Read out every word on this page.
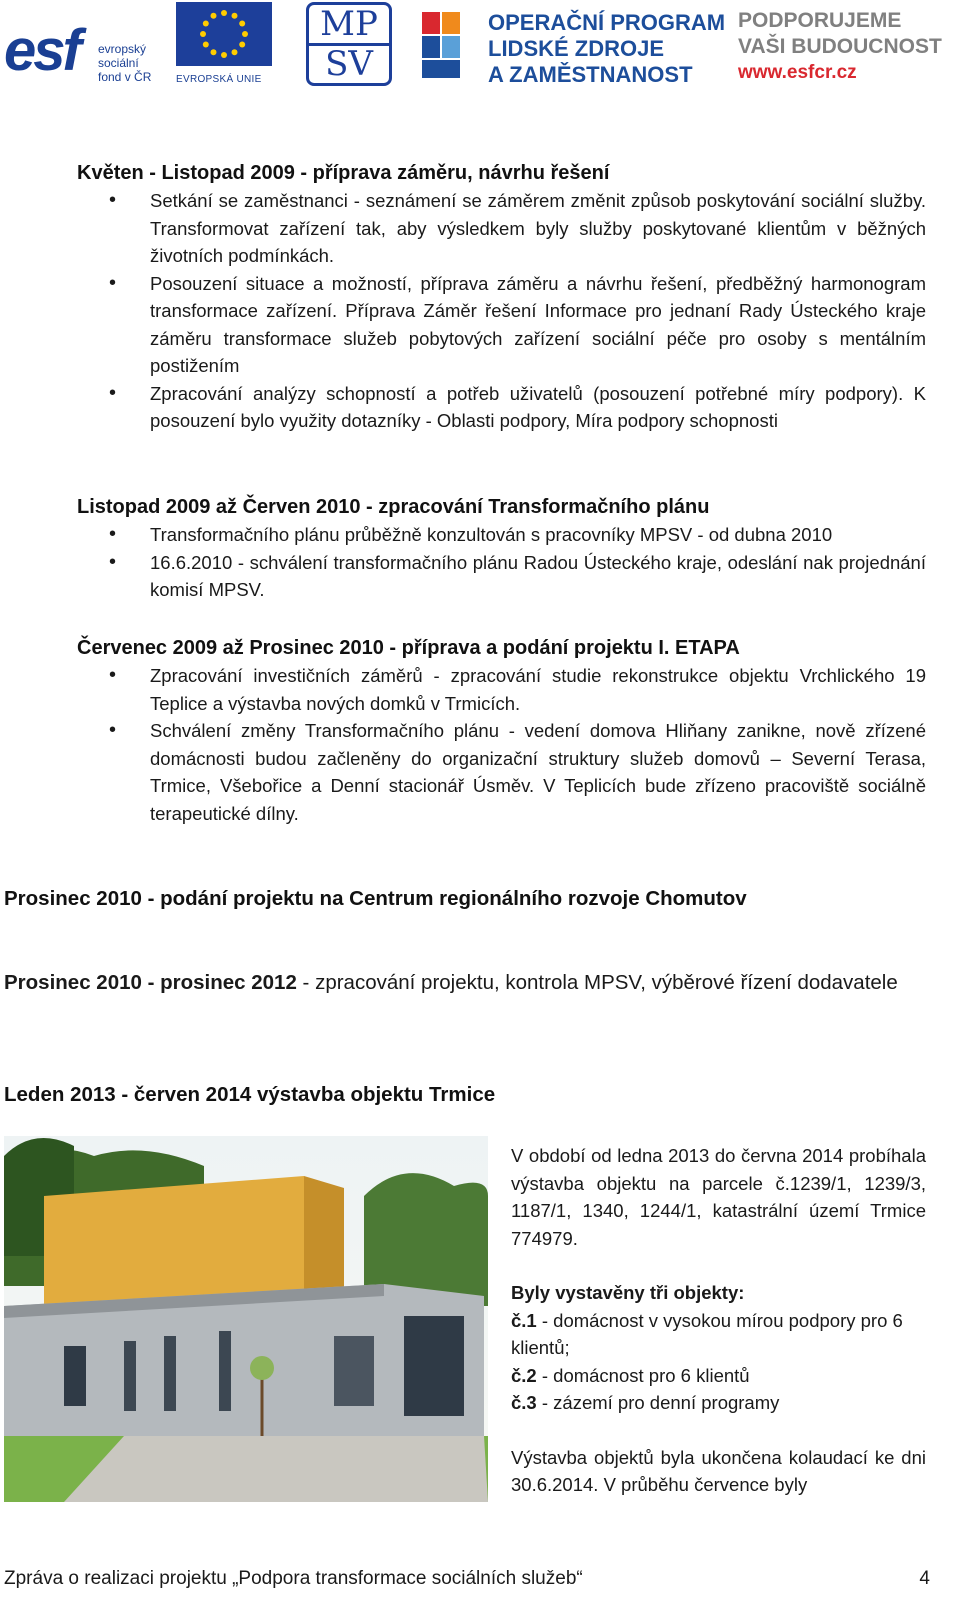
esf evropský
sociální
fond v ČR EVROPSKÁ UNIE
MP
SV
OPERAČNÍ PROGRAM
LIDSKÉ ZDROJE
A ZAMĚSTNANOST
PODPORUJEME
VAŠI BUDOUCNOST
www.esfcr.cz
Květen - Listopad 2009 - příprava záměru, návrhu řešení
• Setkání se zaměstnanci - seznámení se záměrem změnit způsob poskytování sociální služby. Transformovat zařízení tak, aby výsledkem byly služby poskytované klientům v běžných životních podmínkách.
• Posouzení situace a možností, příprava záměru a návrhu řešení, předběžný harmonogram transformace zařízení. Příprava Záměr řešení Informace pro jednaní Rady Ústeckého kraje záměru transformace služeb pobytových zařízení sociální péče pro osoby s mentálním postižením
• Zpracování analýzy schopností a potřeb uživatelů (posouzení potřebné míry podpory). K posouzení bylo využity dotazníky - Oblasti podpory, Míra podpory schopnosti
Listopad 2009 až Červen 2010 - zpracování Transformačního plánu
• Transformačního plánu průběžně konzultován s pracovníky MPSV - od dubna 2010
• 16.6.2010 - schválení transformačního plánu Radou Ústeckého kraje, odeslání nak projednání komisí MPSV.
Červenec 2009 až Prosinec 2010 - příprava a podání projektu I. ETAPA
• Zpracování investičních záměrů - zpracování studie rekonstrukce objektu Vrchlického 19 Teplice a výstavba nových domků v Trmicích.
• Schválení změny Transformačního plánu - vedení domova Hliňany zanikne, nově zřízené domácnosti budou začleněny do organizační struktury služeb domovů – Severní Terasa, Trmice, Všebořice a Denní stacionář Úsměv. V Teplicích bude zřízeno pracoviště sociálně terapeutické dílny.
Prosinec 2010 - podání projektu na Centrum regionálního rozvoje Chomutov

Prosinec 2010 - prosinec 2012 - zpracování projektu, kontrola MPSV, výběrové řízení dodavatele

Leden 2013 - červen 2014 výstavba objektu Trmice

V období od ledna 2013 do června 2014 probíhala výstavba objektu na parcele č.1239/1, 1239/3, 1187/1, 1340, 1244/1, katastrální území Trmice 774979.

Byly vystavěny tři objekty:
č.1 - domácnost v vysokou mírou podpory pro 6 klientů;
č.2 - domácnost pro 6 klientů
č.3 - zázemí pro denní programy

Výstavba objektů byla ukončena kolaudací ke dni 30.6.2014. V průběhu července byly

Zpráva o realizaci projektu „Podpora transformace sociálních služeb“	4
